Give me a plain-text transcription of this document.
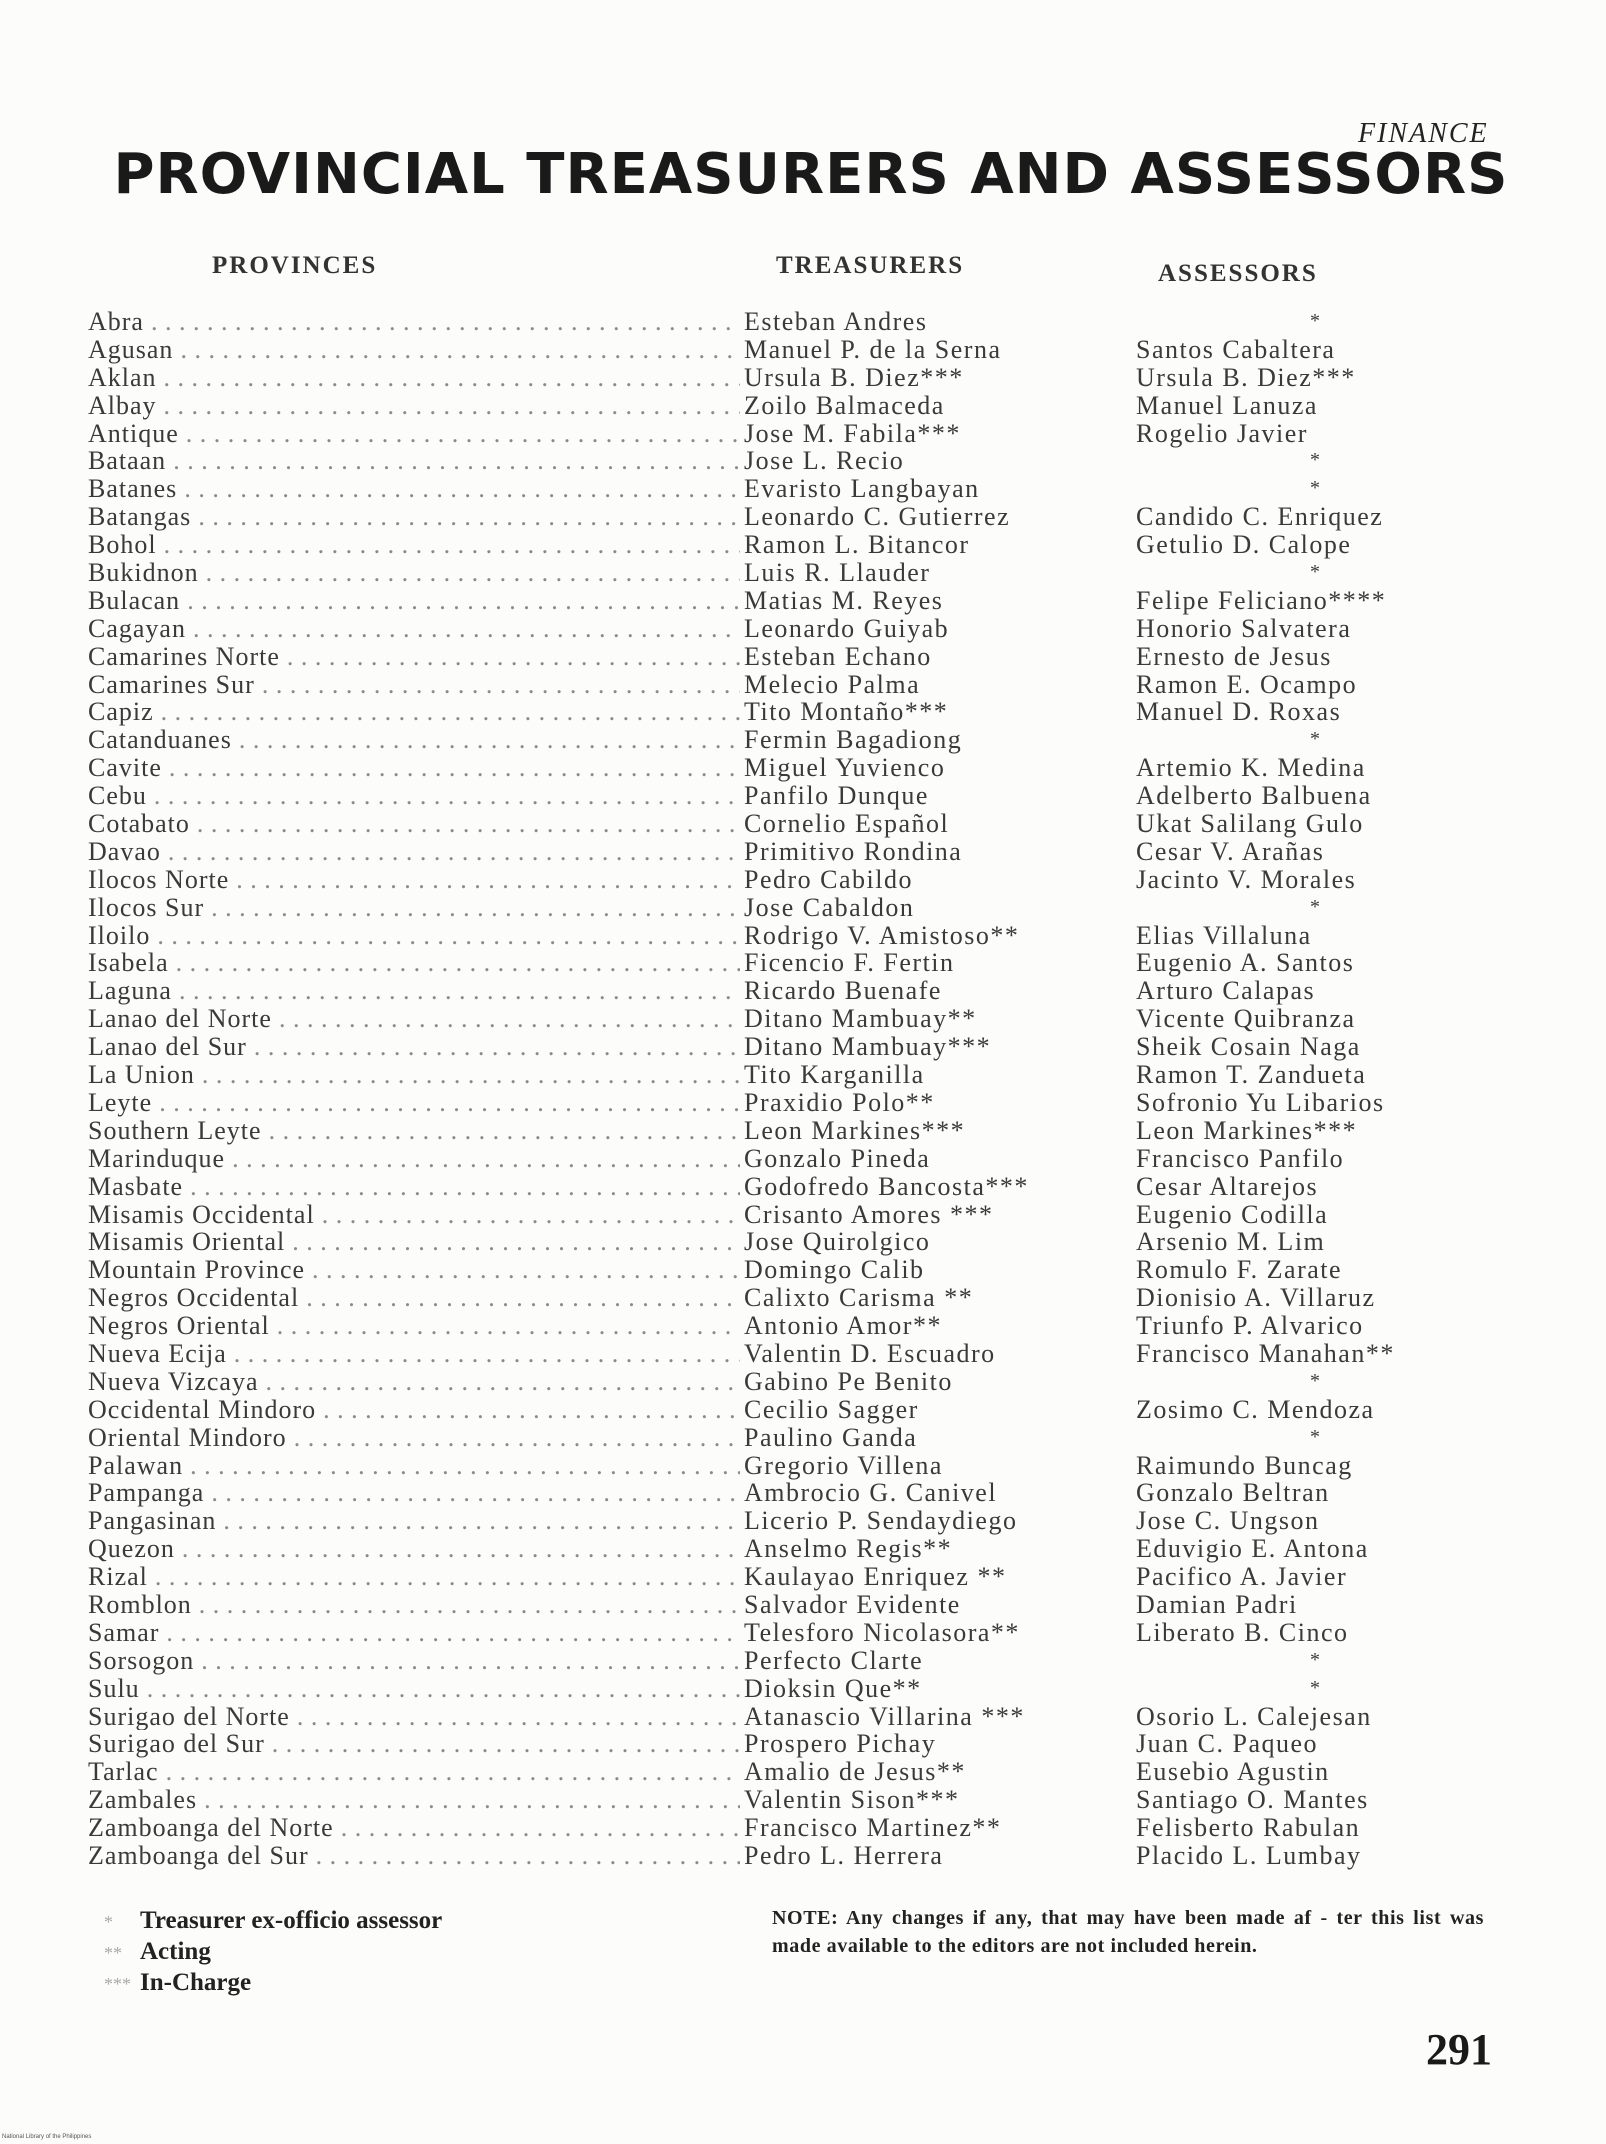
FINANCE
PROVINCIAL TREASURERS AND ASSESSORS
PROVINCES	TREASURERS	ASSESSORS
Abra . . .	Esteban Andres	*
Agusan . . .	Manuel P. de la Serna	Santos Cabaltera
Aklan . . .	Ursula B. Diez***	Ursula B. Diez***
Albay . . .	Zoilo Balmaceda	Manuel Lanuza
Antique . . .	Jose M. Fabila***	Rogelio Javier
Bataan . . .	Jose L. Recio	*
Batanes . . .	Evaristo Langbayan	*
Batangas . . .	Leonardo C. Gutierrez	Candido C. Enriquez
Bohol . . .	Ramon L. Bitancor	Getulio D. Calope
Bukidnon . . .	Luis R. Llauder	*
Bulacan . . .	Matias M. Reyes	Felipe Feliciano****
Cagayan . . .	Leonardo Guiyab	Honorio Salvatera
Camarines Norte . . .	Esteban Echano	Ernesto de Jesus
Camarines Sur . . .	Melecio Palma	Ramon E. Ocampo
Capiz . . .	Tito Montaño***	Manuel D. Roxas
Catanduanes . . .	Fermin Bagadiong	*
Cavite . . .	Miguel Yuvienco	Artemio K. Medina
Cebu . . .	Panfilo Dunque	Adelberto Balbuena
Cotabato . . .	Cornelio Español	Ukat Salilang Gulo
Davao . . .	Primitivo Rondina	Cesar V. Arañas
Ilocos Norte . . .	Pedro Cabildo	Jacinto V. Morales
Ilocos Sur . . .	Jose Cabaldon	*
Iloilo . . .	Rodrigo V. Amistoso**	Elias Villaluna
Isabela . . .	Ficencio F. Fertin	Eugenio A. Santos
Laguna . . .	Ricardo Buenafe	Arturo Calapas
Lanao del Norte . . .	Ditano Mambuay**	Vicente Quibranza
Lanao del Sur . . .	Ditano Mambuay***	Sheik Cosain Naga
La Union . . .	Tito Karganilla	Ramon T. Zandueta
Leyte . . .	Praxidio Polo**	Sofronio Yu Libarios
Southern Leyte . . .	Leon Markines***	Leon Markines***
Marinduque . . .	Gonzalo Pineda	Francisco Panfilo
Masbate . . .	Godofredo Bancosta***	Cesar Altarejos
Misamis Occidental . . .	Crisanto Amores ***	Eugenio Codilla
Misamis Oriental . . .	Jose Quirolgico	Arsenio M. Lim
Mountain Province . . .	Domingo Calib	Romulo F. Zarate
Negros Occidental . . .	Calixto Carisma **	Dionisio A. Villaruz
Negros Oriental . . .	Antonio Amor**	Triunfo P. Alvarico
Nueva Ecija . . .	Valentin D. Escuadro	Francisco Manahan**
Nueva Vizcaya . . .	Gabino Pe Benito	*
Occidental Mindoro . . .	Cecilio Sagger	Zosimo C. Mendoza
Oriental Mindoro . . .	Paulino Ganda	*
Palawan . . .	Gregorio Villena	Raimundo Buncag
Pampanga . . .	Ambrocio G. Canivel	Gonzalo Beltran
Pangasinan . . .	Licerio P. Sendaydiego	Jose C. Ungson
Quezon . . .	Anselmo Regis**	Eduvigio E. Antona
Rizal . . .	Kaulayao Enriquez **	Pacifico A. Javier
Romblon . . .	Salvador Evidente	Damian Padri
Samar . . .	Telesforo Nicolasora**	Liberato B. Cinco
Sorsogon . . .	Perfecto Clarte	*
Sulu . . .	Dioksin Que**	*
Surigao del Norte . . .	Atanascio Villarina ***	Osorio L. Calejesan
Surigao del Sur . . .	Prospero Pichay	Juan C. Paqueo
Tarlac . . .	Amalio de Jesus**	Eusebio Agustin
Zambales . . .	Valentin Sison***	Santiago O. Mantes
Zamboanga del Norte . . .	Francisco Martinez**	Felisberto Rabulan
Zamboanga del Sur . . .	Pedro L. Herrera	Placido L. Lumbay
* Treasurer ex-officio assessor
** Acting
*** In-Charge
NOTE: Any changes if any, that may have been made af - ter this list was made available to the editors are not included herein.
291
National Library of the Philippines
